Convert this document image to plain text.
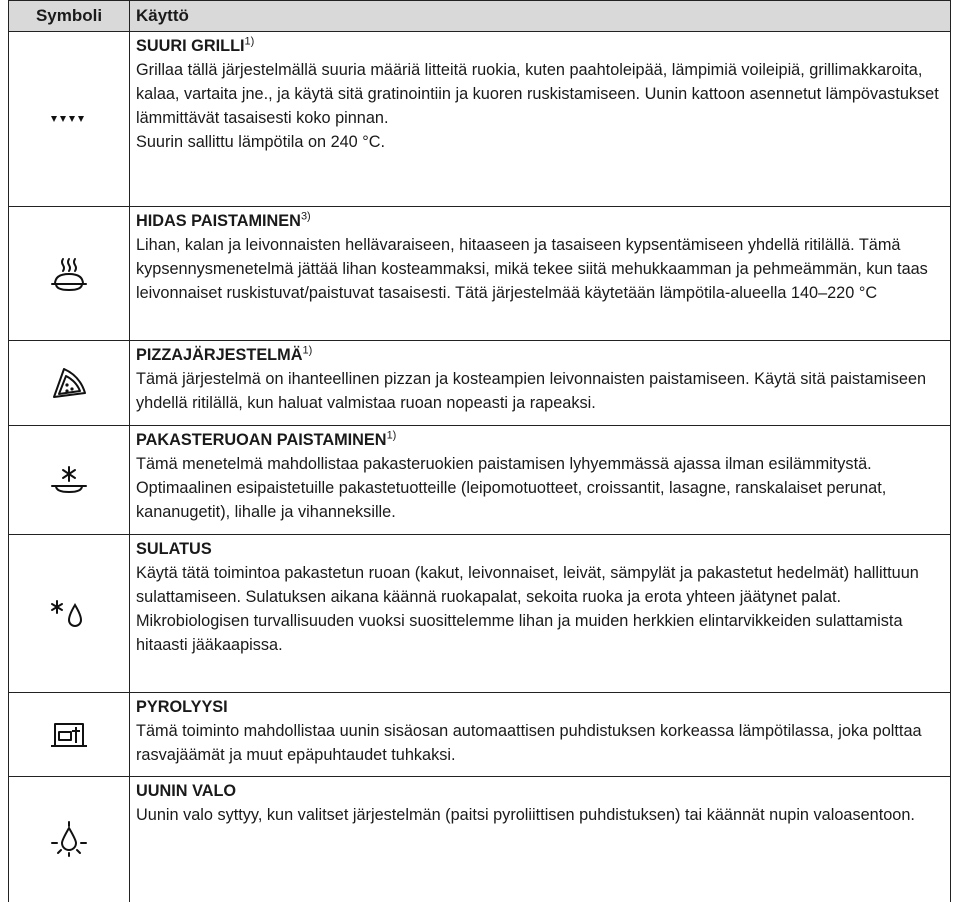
Symboli	Käyttö

	SUURI GRILLI$^{1)}$
Grillaa tällä järjestelmällä suuria määriä litteitä ruokia, kuten paahtoleipää, lämpimiä voileipiä, grillimakkaroita, kalaa, vartaita jne., ja käytä sitä gratinointiin ja kuoren ruskistamiseen. Uunin kattoon asennetut lämpövastukset lämmittävät tasaisesti koko pinnan.
Suurin sallittu lämpötila on 240 °C.

	HIDAS PAISTAMINEN$^{3)}$
Lihan, kalan ja leivonnaisten hellävaraiseen, hitaaseen ja tasaiseen kypsentämiseen yhdellä ritilällä. Tämä kypsennysmenetelmä jättää lihan kosteammaksi, mikä tekee siitä mehukkaamman ja pehmeämmän, kun taas leivonnaiset ruskistuvat/paistuvat tasaisesti. Tätä järjestelmää käytetään lämpötila-alueella 140–220 °C

	PIZZAJÄRJESTELMÄ$^{1)}$
Tämä järjestelmä on ihanteellinen pizzan ja kosteampien leivonnaisten paistamiseen. Käytä sitä paistamiseen yhdellä ritilällä, kun haluat valmistaa ruoan nopeasti ja rapeaksi.

	PAKASTERUOAN PAISTAMINEN$^{1)}$
Tämä menetelmä mahdollistaa pakasteruokien paistamisen lyhyemmässä ajassa ilman esilämmitystä. Optimaalinen esipaistetuille pakastetuotteille (leipomotuotteet, croissantit, lasagne, ranskalaiset perunat, kananugetit), lihalle ja vihanneksille.

	SULATUS
Käytä tätä toimintoa pakastetun ruoan (kakut, leivonnaiset, leivät, sämpylät ja pakastetut hedelmät) hallittuun sulattamiseen. Sulatuksen aikana käännä ruokapalat, sekoita ruoka ja erota yhteen jäätynet palat. Mikrobiologisen turvallisuuden vuoksi suosittelemme lihan ja muiden herkkien elintarvikkeiden sulattamista hitaasti jääkaapissa.

	PYROLYYSI
Tämä toiminto mahdollistaa uunin sisäosan automaattisen puhdistuksen korkeassa lämpötilassa, joka polttaa rasvajäämät ja muut epäpuhtaudet tuhkaksi.

	UUNIN VALO
Uunin valo syttyy, kun valitset järjestelmän (paitsi pyroliittisen puhdistuksen) tai käännät nupin valoasentoon.
